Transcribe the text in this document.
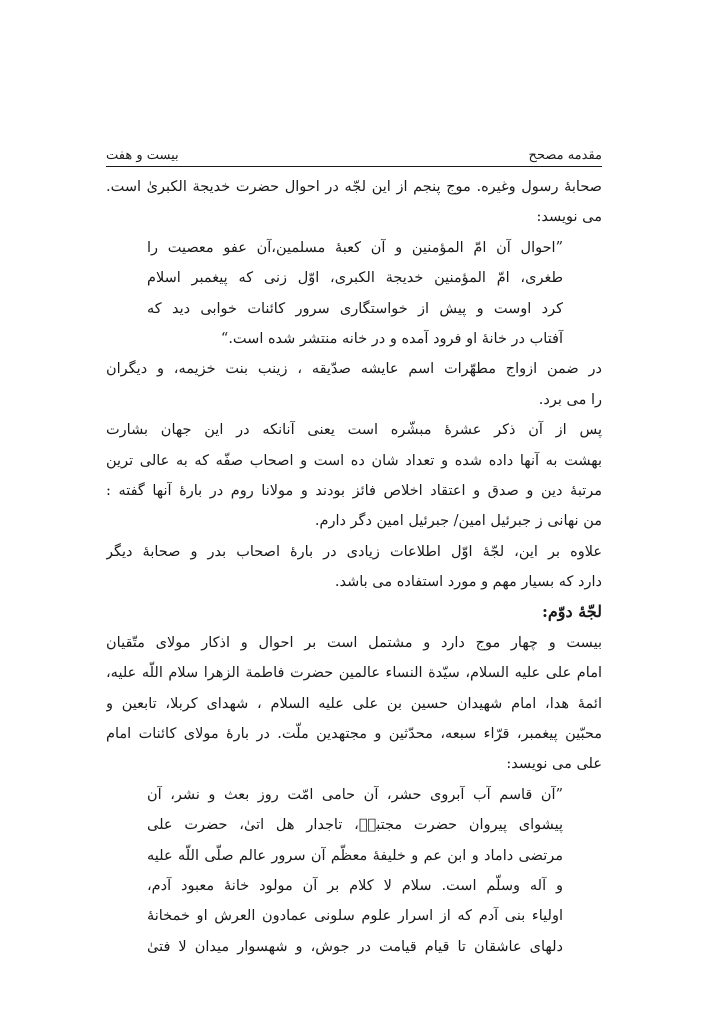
بیست و هفت	مقدمه مصحح
صحابۀ رسول وغیره. موج پنجم از این لجّه در احوال حضرت خدیجة الکبریٰ است.
می نویسد:
”احوال آن امّ المؤمنین و آن کعبۀ مسلمین،آن عفو معصیت را
طغری، امّ المؤمنین خدیجة الکبری، اوّل زنی که پیغمبر اسلام
کرد اوست و پیش از خواستگاری سرور کائنات خوابی دید که
آفتاب در خانۀ او فرود آمده و در خانه منتشر شده است.“
در ضمن ازواج مطهّرات اسم عایشه صدّیقه ، زینب بنت خزیمه، و دیگران
را می برد.
پس از آن ذکر عشرۀ مبشّره است یعنی آنانکه در این جهان بشارت
بهشت به آنها داده شده و تعداد شان ده است و اصحاب صفّه که به عالی ترین
مرتبۀ دین و صدق و اعتقاد اخلاص فائز بودند و مولانا روم در بارۀ آنها گفته :
من نهانی ز جبرئیل امین/ جبرئیل امین دگر دارم.
علاوه بر این، لجّۀ اوّل اطلاعات زیادی در بارۀ اصحاب بدر و صحابۀ دیگر
دارد که بسیار مهم و مورد استفاده می باشد.
لجّۀ دوّم:
بیست و چهار موج دارد و مشتمل است بر احوال و اذکار مولای متّقیان
امام علی علیه السلام، سیّدة النساء عالمین حضرت فاطمة الزهرا سلام اللّه علیه،
ائمۀ هدا، امام شهیدان حسین بن علی علیه السلام ، شهدای کربلا، تابعین و
محبّین پیغمبر، قرّاء سبعه، محدّثین و مجتهدین ملّت. در بارۀ مولای کائنات امام
علی می نویسد:
”آن قاسم آب آبروی حشر، آن حامی امّت روز بعث و نشر، آن
پیشوای پیروان حضرت مجتبیؐ، تاجدار هل اتیٰ، حضرت علی
مرتضی داماد و ابن عم و خلیفۀ معظّم آن سرور عالم صلّی اللّه علیه
و آله وسلّم است. سلام لا کلام بر آن مولود خانۀ معبود آدم،
اولیاء بنی آدم که از اسرار علوم سلونی عمادون العرش او خمخانۀ
دلهای عاشقان تا قیام قیامت در جوش، و شهسوار میدان لا فتیٰ
